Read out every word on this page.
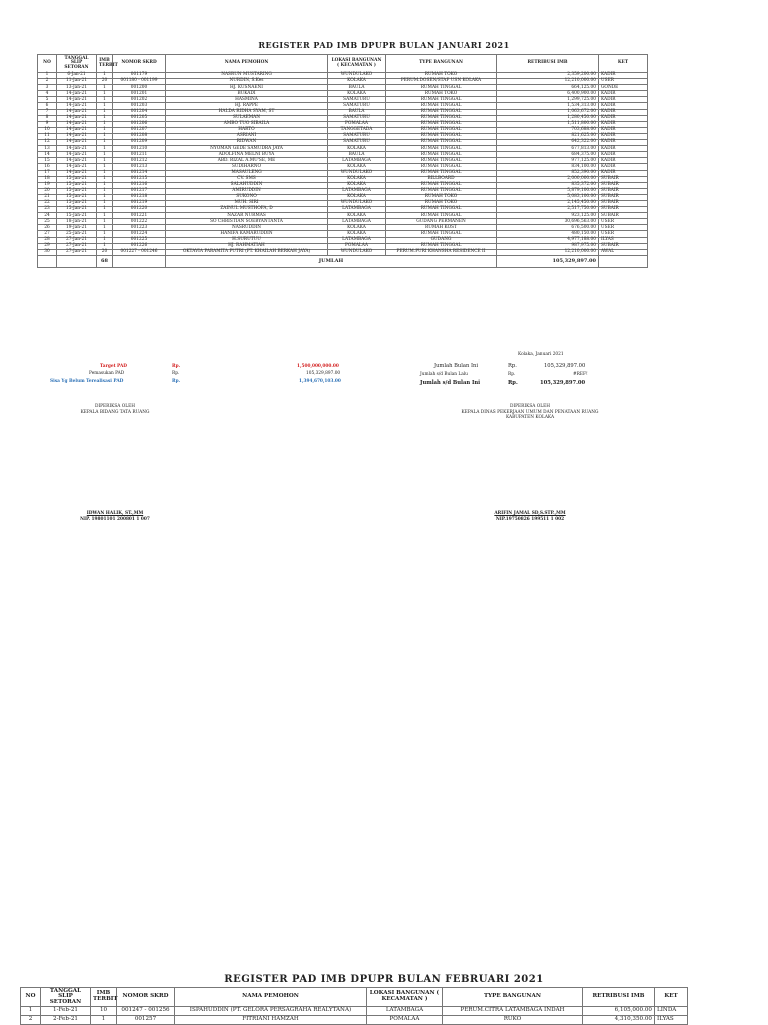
REGISTER PAD IMB DPUPR BULAN JANUARI 2021
NO	TANGGAL SLIP SETORAN	IMB TERBIT	NOMOR SKRD	NAMA PEMOHON	LOKASI BANGUNAN ( KECAMATAN )	TYPE BANGUNAN	RETRIBUSI IMB	KET
1	6-Jan-21	1	001179	NASRUN MUSTARING	WUNDULAKO	RUMAH TOKO	2,359,200.00	KADIR
2	11-Jan-21	20	001180 - 001199	NURDIN, S.Kes	KOLAKA	PERUM.DOSEN/STAF USN KOLAKA	12,210,000.00	USER
3	13-Jan-21	1	001200	HJ. KUSNAENI	BAULA	RUMAH TINGGAL	664,125.00	GONDE
4	14-Jan-21	1	001201	BUKADI	KOLAKA	RUMAH TOKO	6,400,900.00	KADIR
5	14-Jan-21	1	001202	HASMINA	SAMATURU	RUMAH TINGGAL	1,299,725.00	KADIR
6	14-Jan-21	1	001203	HJ. RAPPE	SAMATURU	RUMAH TINGGAL	1,534,313.00	KADIR
7	14-Jan-21	1	001204	HALDA RIDHA SYAM, ST	BAULA	RUMAH TINGGAL	1,063,672.00	KADIR
8	14-Jan-21	1	001205	SULAEMAN	SAMATURU	RUMAH TINGGAL	1,280,450.00	KADIR
9	14-Jan-21	1	001206	AMBO TUO SIBAILA	POMALAA	RUMAH TINGGAL	1,511,800.00	KADIR
10	14-Jan-21	1	001207	HARTO	TANGGETADA	RUMAH TINGGAL	703,688.00	KADIR
11	14-Jan-21	1	001208	ASRIANI	SAMATURU	RUMAH TINGGAL	821,625.00	KADIR
12	14-Jan-21	1	001209	RIDWAN	SAMATURU	RUMAH TINGGAL	642,322.00	KADIR
13	14-Jan-21	1	001210	NYOMAN GEDE SAMUDRA JAYA	KOLAKA	RUMAH TINGGAL	677,813.00	KADIR
14	14-Jan-21	1	001211	ADOLFINA MELNI BUYA	BAULA	RUMAH TINGGAL	684,375.00	KADIR
15	14-Jan-21	1	001212	ABD. RIZAL A.MU'SE, ME	LATAMBAGA	RUMAH TINGGAL	977,125.00	KADIR
16	14-Jan-21	1	001213	SUDIHARNO	KOLAKA	RUMAH TINGGAL	834,100.00	KADIR
17	14-Jan-21	1	001214	MASAULENG	WUNDULAKO	RUMAH TINGGAL	852,390.00	KADIR
18	15-Jan-21	1	001215	CV. SMS	KOLAKA	BILLBOARD	2,000,000.00	SUBAIR
19	15-Jan-21	1	001216	SALAHUDDIN	KOLAKA	RUMAH TINGGAL	835,372.00	SUBAIR
20	15-Jan-21	1	001217	AMIRUDDIN	LATAMBAGA	RUMAH TINGGAL	5,879,100.00	SUBAIR
21	15-Jan-21	1	001218	SUKONO	KOLAKA	RUMAH TOKO	5,083,100.00	SUBAIR
22	15-Jan-21	1	001219	MUH. SIRI	WUNDULAKO	RUMAH TOKO	2,145,450.00	SUBAIR
23	15-Jan-21	1	001220	ZAINUL MUSTHOFA, D	LATAMBAGA	RUMAH TINGGAL	2,517,750.00	SUBAIR
24	15-Jan-21	1	001221	NAZAR NURMAS	KOLAKA	RUMAH TINGGAL	923,125.00	SUBAIR
25	18-Jan-21	1	001222	SO CHRISTIAN SOEBYANTANTA	LATAMBAGA	GUDANG PERMANEN	30,696,563.00	USER
26	19-Jan-21	1	001223	NASRUDDIN	KOLAKA	RUMAH KOST	676,500.00	USER
27	25-Jan-21	1	001224	HANIFA KAMARUDDIN	KOLAKA	RUMAH TINGGAL	480,150.00	USER
28	27-Jan-21	1	001225	H.SURUTUU	LATAMBAGA	GUDANG	4,977,188.00	ILYAS
29	27-Jan-21	1	001226	HJ. RAHMATIAH	POMALAA	RUMAH TINGGAL	987,975.00	SUBAIR
30	27-Jan-21	20	001227 - 001246	OKTAVIA PARAMITA PUTRI (PT. KHAILAH BERKAH JAYA)	WUNDULAKO	PERUM.PURI KHANSHA RESIDENCE II	12,210,000.00	AWAL
		68		JUMLAH			105,329,897.00	
Kolaka, Januari 2021
Target PAD	Rp.	1,500,000,000.00
Pemasukan PAD	Rp.	105,329,897.00
Sisa Yg Belum Terealisasi PAD	Rp.	1,394,670,103.00
Jumlah Bulan Ini	Rp.	105,329,897.00
Jumlah s/d Bulan Lalu	Rp.	#REF!
Jumlah s/d Bulan Ini	Rp.	105,329,897.00
DIPERIKSA OLEH
KEPALA BIDANG TATA RUANG
IDWAN HALIK, ST.,MM
NIP. 19801101 200801 1 007
DIPERIKSA OLEH
KEPALA DINAS PEKERJAAN UMUM DAN PENATAAN RUANG
KABUPATEN KOLAKA
ARIFIN JAMAL SD,S.STP.,MM
NIP.19750826 199511 1 002
REGISTER PAD IMB DPUPR BULAN FEBRUARI 2021
NO	TANGGAL SLIP SETORAN	IMB TERBIT	NOMOR SKRD	NAMA PEMOHON	LOKASI BANGUNAN ( KECAMATAN )	TYPE BANGUNAN	RETRIBUSI IMB	KET
1	1-Feb-21	10	001247 - 001256	ISPAHUDDIN (PT. GELORA PERSAGRAHA REALYTANA)	LATAMBAGA	PERUM.CITRA LATAMBAGA INDAH	6,105,000.00	LINDA
2	2-Feb-21	1	001257	FITRIANI HAMZAH	POMALAA	RUKO	4,310,350.00	ILYAS
